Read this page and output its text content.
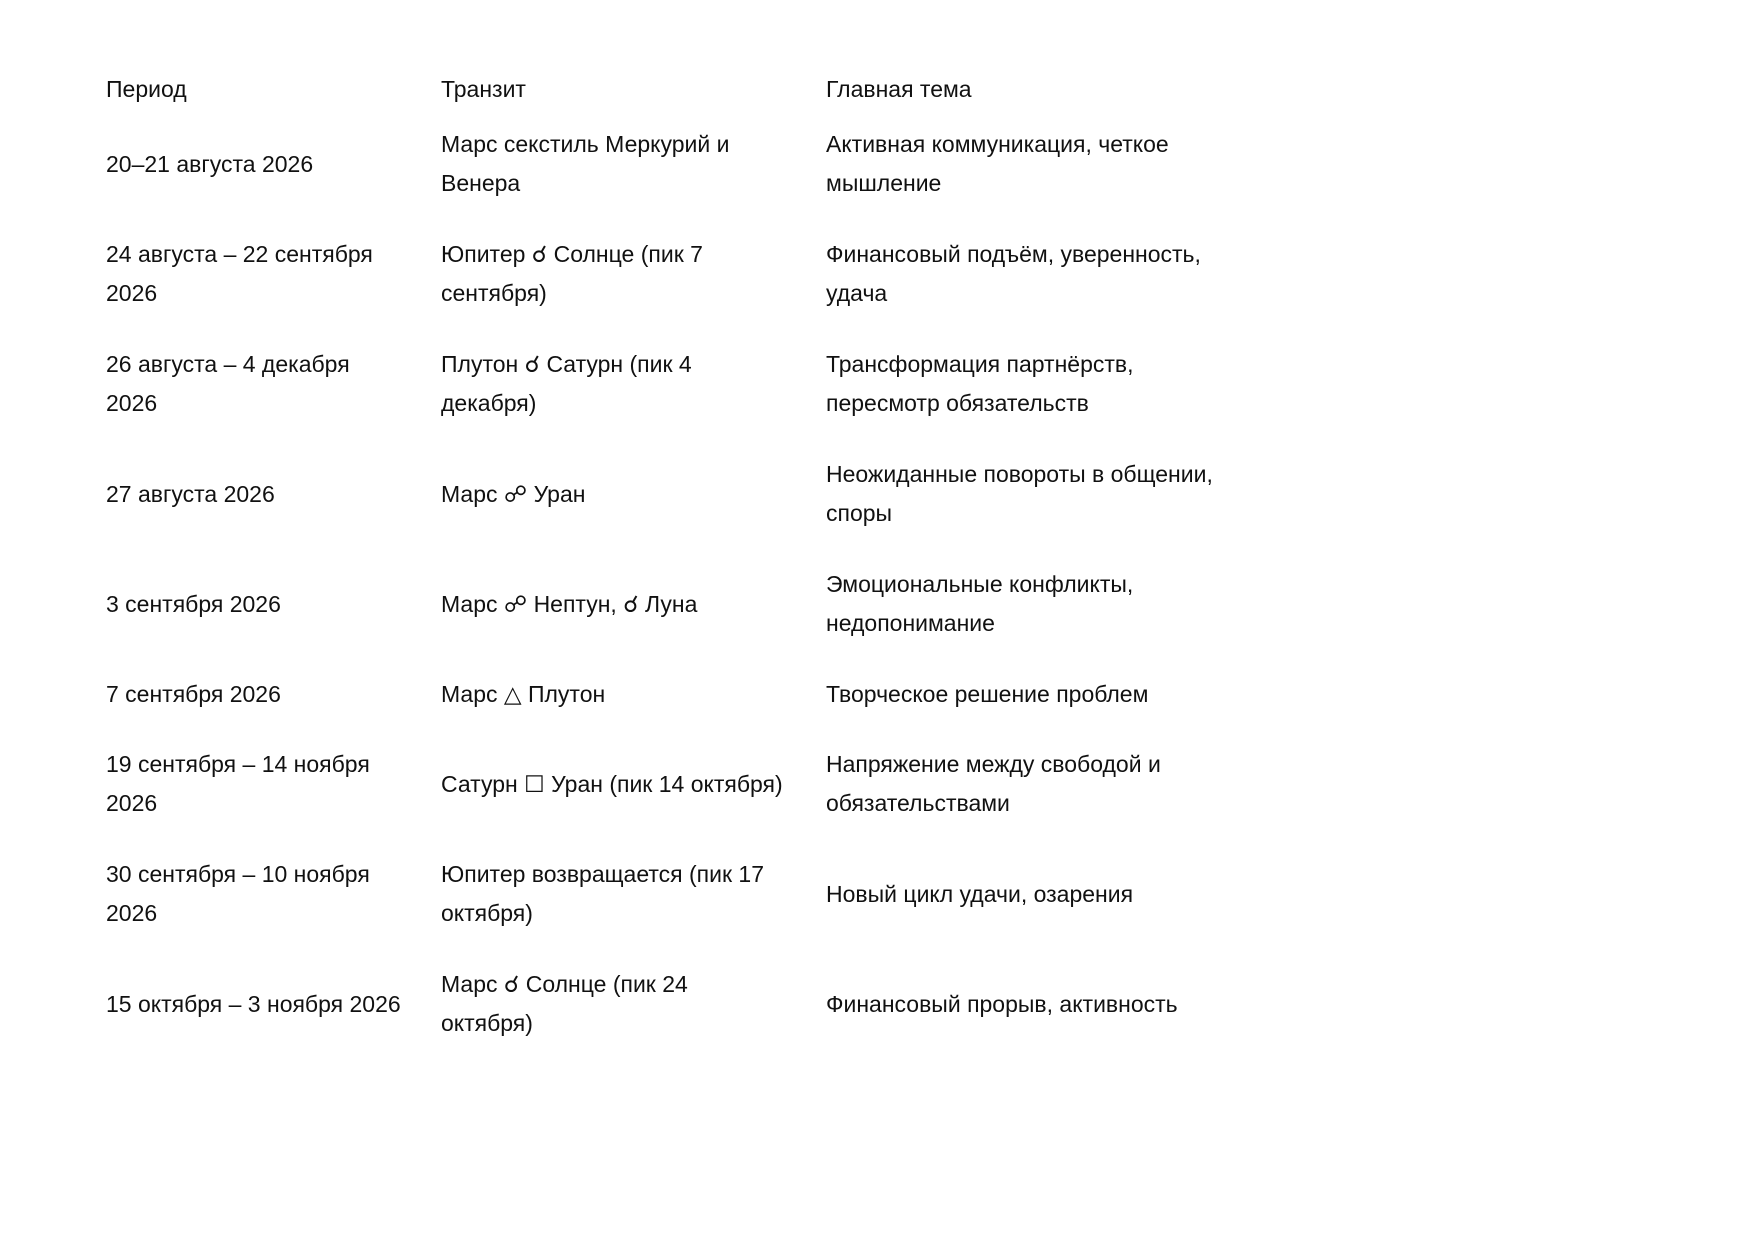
Период	Транзит	Главная тема

20–21 августа 2026	Марс секстиль Меркурий и Венера	Активная коммуникация, четкое мышление

24 августа – 22 сентября 2026	Юпитер ☌ Солнце (пик 7 сентября)	Финансовый подъём, уверенность, удача

26 августа – 4 декабря 2026	Плутон ☌ Сатурн (пик 4 декабря)	Трансформация партнёрств, пересмотр обязательств

27 августа 2026	Марс ☍ Уран	Неожиданные повороты в общении, споры

3 сентября 2026	Марс ☍ Нептун, ☌ Луна	Эмоциональные конфликты, недопонимание

7 сентября 2026	Марс △ Плутон	Творческое решение проблем

19 сентября – 14 ноября 2026	Сатурн ☐ Уран (пик 14 октября)	Напряжение между свободой и обязательствами

30 сентября – 10 ноября 2026	Юпитер возвращается (пик 17 октября)	Новый цикл удачи, озарения

15 октября – 3 ноября 2026	Марс ☌ Солнце (пик 24 октября)	Финансовый прорыв, активность
